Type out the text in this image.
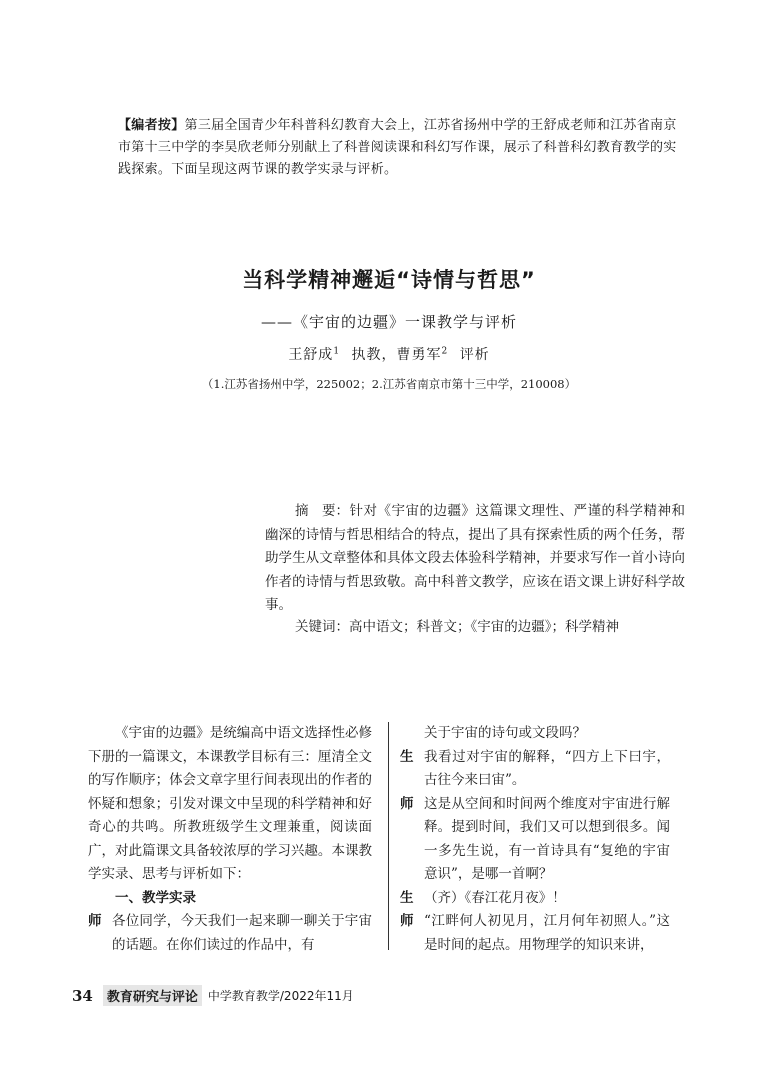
【编者按】第三届全国青少年科普科幻教育大会上，江苏省扬州中学的王舒成老师和江苏省南京市第十三中学的李昊欣老师分别献上了科普阅读课和科幻写作课，展示了科普科幻教育教学的实践探索。下面呈现这两节课的教学实录与评析。
当科学精神邂逅“诗情与哲思”
——《宇宙的边疆》一课教学与评析
王舒成$^1$ 执教，曹勇军$^2$ 评析
（1.江苏省扬州中学，225002；2.江苏省南京市第十三中学，210008）
摘　要：针对《宇宙的边疆》这篇课文理性、严谨的科学精神和幽深的诗情与哲思相结合的特点，提出了具有探索性质的两个任务，帮助学生从文章整体和具体文段去体验科学精神，并要求写作一首小诗向作者的诗情与哲思致敬。高中科普文教学，应该在语文课上讲好科学故事。
关键词：高中语文；科普文；《宇宙的边疆》；科学精神

《宇宙的边疆》是统编高中语文选择性必修下册的一篇课文，本课教学目标有三：厘清全文的写作顺序；体会文章字里行间表现出的作者的怀疑和想象；引发对课文中呈现的科学精神和好奇心的共鸣。所教班级学生文理兼重，阅读面广，对此篇课文具备较浓厚的学习兴趣。本课教学实录、思考与评析如下：

一、教学实录

师 各位同学，今天我们一起来聊一聊关于宇宙的话题。在你们读过的作品中，有
关于宇宙的诗句或文段吗？
生 我看过对宇宙的解释，“四方上下曰宇，古往今来曰宙”。
师 这是从空间和时间两个维度对宇宙进行解释。提到时间，我们又可以想到很多。闻一多先生说，有一首诗具有“复绝的宇宙意识”，是哪一首啊？
生 （齐）《春江花月夜》！
师 “江畔何人初见月，江月何年初照人。”这是时间的起点。用物理学的知识来讲，
34	教育研究与评论 中学教育教学/2022年11月
